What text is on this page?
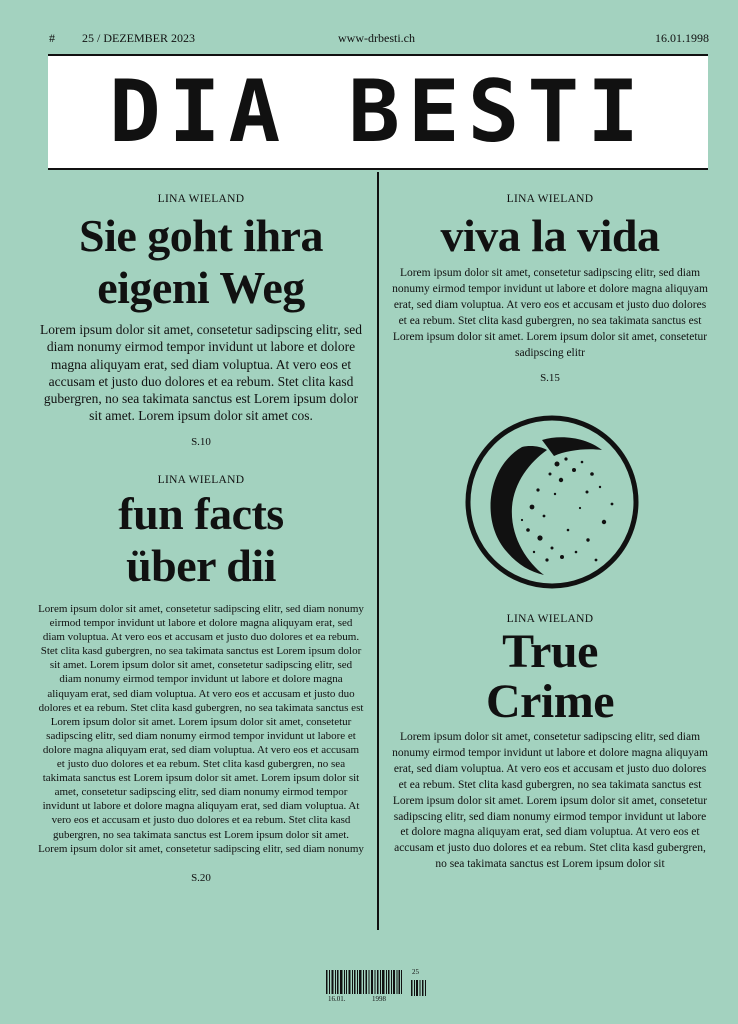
# 25 / DEZEMBER 2023	www-drbesti.ch	16.01.1998
DIA BESTI
LINA WIELAND
Sie goht ihra
eigeni Weg
Lorem ipsum dolor sit amet, consetetur sadipscing elitr, sed diam nonumy eirmod tempor invidunt ut labore et dolore magna aliquyam erat, sed diam voluptua. At vero eos et accusam et justo duo dolores et ea rebum. Stet clita kasd gubergren, no sea takimata sanctus est Lorem ipsum dolor sit amet. Lorem ipsum dolor sit amet cos.
S.10
LINA WIELAND
fun facts
über dii
Lorem ipsum dolor sit amet, consetetur sadipscing elitr, sed diam nonumy eirmod tempor invidunt ut labore et dolore magna aliquyam erat, sed diam voluptua. At vero eos et accusam et justo duo dolores et ea rebum. Stet clita kasd gubergren, no sea takimata sanctus est Lorem ipsum dolor sit amet. Lorem ipsum dolor sit amet, consetetur sadipscing elitr, sed diam nonumy eirmod tempor invidunt ut labore et dolore magna aliquyam erat, sed diam voluptua. At vero eos et accusam et justo duo dolores et ea rebum. Stet clita kasd gubergren, no sea takimata sanctus est Lorem ipsum dolor sit amet. Lorem ipsum dolor sit amet, consetetur sadipscing elitr, sed diam nonumy eirmod tempor invidunt ut labore et dolore magna aliquyam erat, sed diam voluptua. At vero eos et accusam et justo duo dolores et ea rebum. Stet clita kasd gubergren, no sea takimata sanctus est Lorem ipsum dolor sit amet. Lorem ipsum dolor sit amet, consetetur sadipscing elitr, sed diam nonumy eirmod tempor invidunt ut labore et dolore magna aliquyam erat, sed diam voluptua. At vero eos et accusam et justo duo dolores et ea rebum. Stet clita kasd gubergren, no sea takimata sanctus est Lorem ipsum dolor sit amet. Lorem ipsum dolor sit amet, consetetur sadipscing elitr, sed diam nonumy
S.20
LINA WIELAND
viva la vida
Lorem ipsum dolor sit amet, consetetur sadipscing elitr, sed diam nonumy eirmod tempor invidunt ut labore et dolore magna aliquyam erat, sed diam voluptua. At vero eos et accusam et justo duo dolores et ea rebum. Stet clita kasd gubergren, no sea takimata sanctus est Lorem ipsum dolor sit amet. Lorem ipsum dolor sit amet, consetetur sadipscing elitr
S.15
LINA WIELAND
True
Crime
Lorem ipsum dolor sit amet, consetetur sadipscing elitr, sed diam nonumy eirmod tempor invidunt ut labore et dolore magna aliquyam erat, sed diam voluptua. At vero eos et accusam et justo duo dolores et ea rebum. Stet clita kasd gubergren, no sea takimata sanctus est Lorem ipsum dolor sit amet. Lorem ipsum dolor sit amet, consetetur sadipscing elitr, sed diam nonumy eirmod tempor invidunt ut labore et dolore magna aliquyam erat, sed diam voluptua. At vero eos et accusam et justo duo dolores et ea rebum. Stet clita kasd gubergren, no sea takimata sanctus est Lorem ipsum dolor sit
25
16.01.	1998
